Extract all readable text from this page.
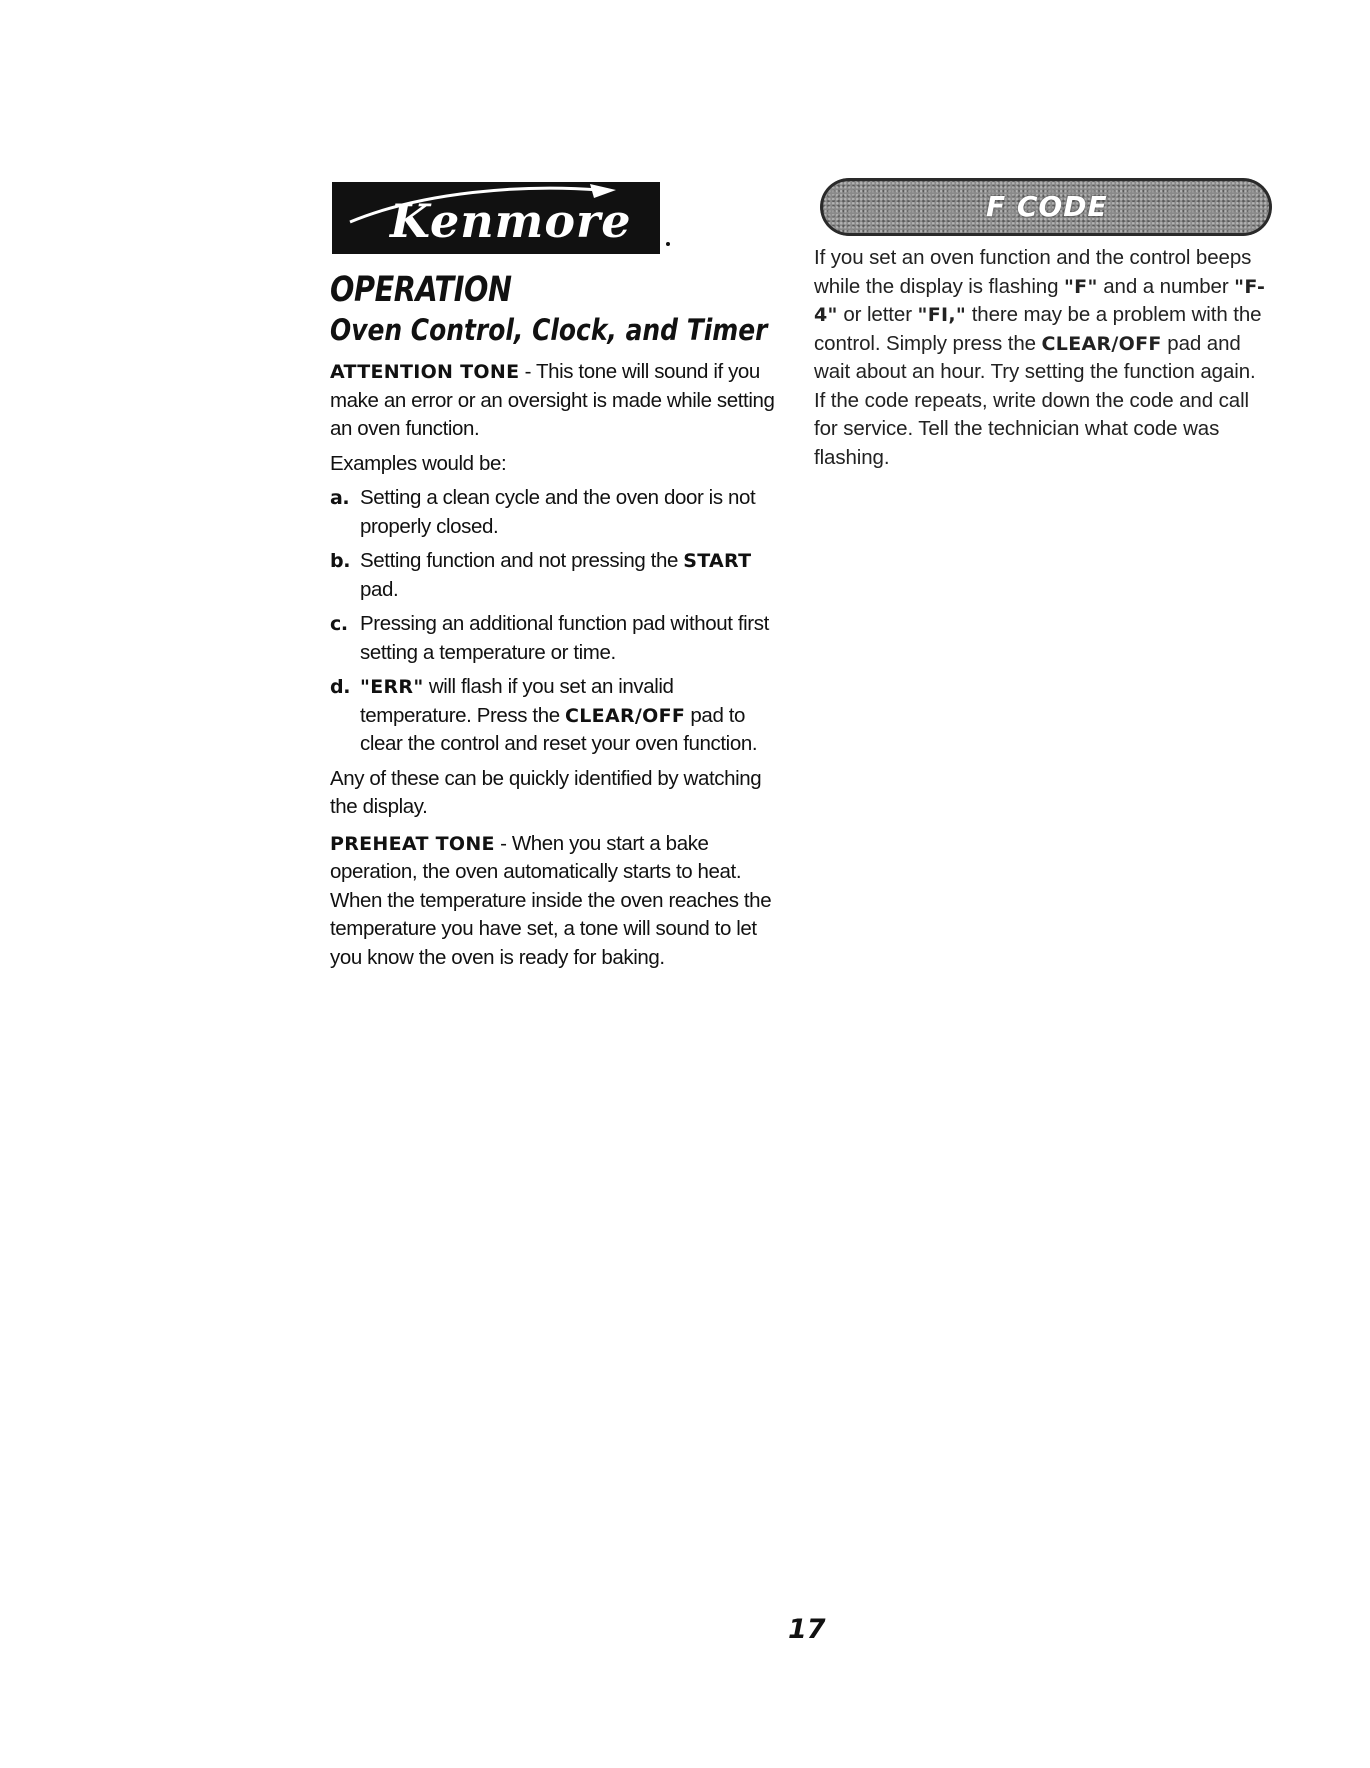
Kenmore
OPERATION
Oven Control, Clock, and Timer

ATTENTION TONE - This tone will sound if you make an error or an oversight is made while setting an oven function.

Examples would be:

a. Setting a clean cycle and the oven door is not properly closed.
b. Setting function and not pressing the START pad.
c. Pressing an additional function pad without first setting a temperature or time.
d. "ERR" will flash if you set an invalid temperature. Press the CLEAR/OFF pad to clear the control and reset your oven function.

Any of these can be quickly identified by watching the display.

PREHEAT TONE - When you start a bake operation, the oven automatically starts to heat. When the temperature inside the oven reaches the temperature you have set, a tone will sound to let you know the oven is ready for baking.

F CODE

If you set an oven function and the control beeps while the display is flashing "F" and a number "F-4" or letter "FI," there may be a problem with the control. Simply press the CLEAR/OFF pad and wait about an hour. Try setting the function again. If the code repeats, write down the code and call for service. Tell the technician what code was flashing.

17
